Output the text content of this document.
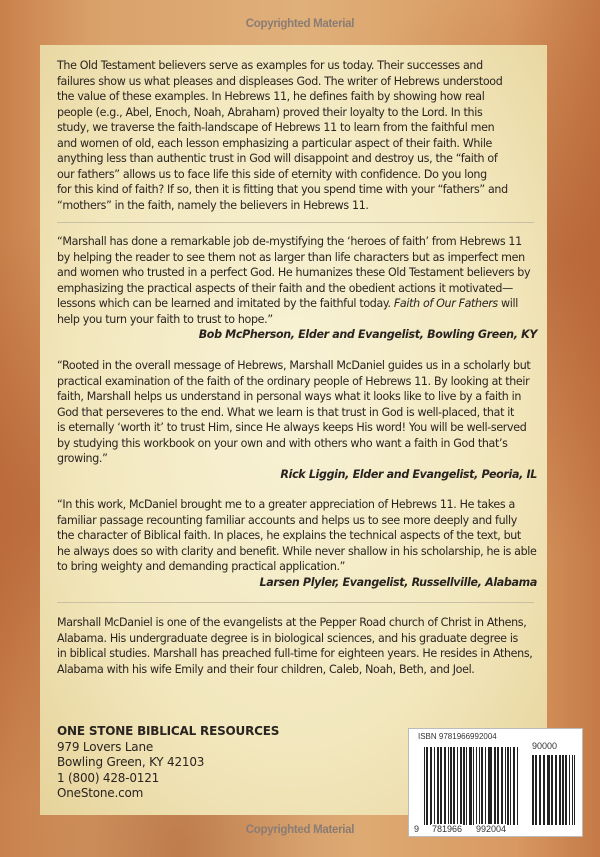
Copyrighted Material
The Old Testament believers serve as examples for us today. Their successes and
failures show us what pleases and displeases God. The writer of Hebrews understood
the value of these examples. In Hebrews 11, he defines faith by showing how real
people (e.g., Abel, Enoch, Noah, Abraham) proved their loyalty to the Lord. In this
study, we traverse the faith-landscape of Hebrews 11 to learn from the faithful men
and women of old, each lesson emphasizing a particular aspect of their faith. While
anything less than authentic trust in God will disappoint and destroy us, the “faith of
our fathers” allows us to face life this side of eternity with confidence. Do you long
for this kind of faith? If so, then it is fitting that you spend time with your “fathers” and
“mothers” in the faith, namely the believers in Hebrews 11.
“Marshall has done a remarkable job de-mystifying the ‘heroes of faith’ from Hebrews 11
by helping the reader to see them not as larger than life characters but as imperfect men
and women who trusted in a perfect God. He humanizes these Old Testament believers by
emphasizing the practical aspects of their faith and the obedient actions it motivated—
lessons which can be learned and imitated by the faithful today. Faith of Our Fathers will
help you turn your faith to trust to hope.”
Bob McPherson, Elder and Evangelist, Bowling Green, KY
“Rooted in the overall message of Hebrews, Marshall McDaniel guides us in a scholarly but
practical examination of the faith of the ordinary people of Hebrews 11. By looking at their
faith, Marshall helps us understand in personal ways what it looks like to live by a faith in
God that perseveres to the end. What we learn is that trust in God is well-placed, that it
is eternally ‘worth it’ to trust Him, since He always keeps His word! You will be well-served
by studying this workbook on your own and with others who want a faith in God that’s
growing.”
Rick Liggin, Elder and Evangelist, Peoria, IL
“In this work, McDaniel brought me to a greater appreciation of Hebrews 11. He takes a
familiar passage recounting familiar accounts and helps us to see more deeply and fully
the character of Biblical faith. In places, he explains the technical aspects of the text, but
he always does so with clarity and benefit. While never shallow in his scholarship, he is able
to bring weighty and demanding practical application.”
Larsen Plyler, Evangelist, Russellville, Alabama
Marshall McDaniel is one of the evangelists at the Pepper Road church of Christ in Athens,
Alabama. His undergraduate degree is in biological sciences, and his graduate degree is
in biblical studies. Marshall has preached full-time for eighteen years. He resides in Athens,
Alabama with his wife Emily and their four children, Caleb, Noah, Beth, and Joel.
ONE STONE BIBLICAL RESOURCES
979 Lovers Lane
Bowling Green, KY 42103
1 (800) 428-0121
OneStone.com
ISBN 9781966992004
90000
9 781966 992004
Copyrighted Material
